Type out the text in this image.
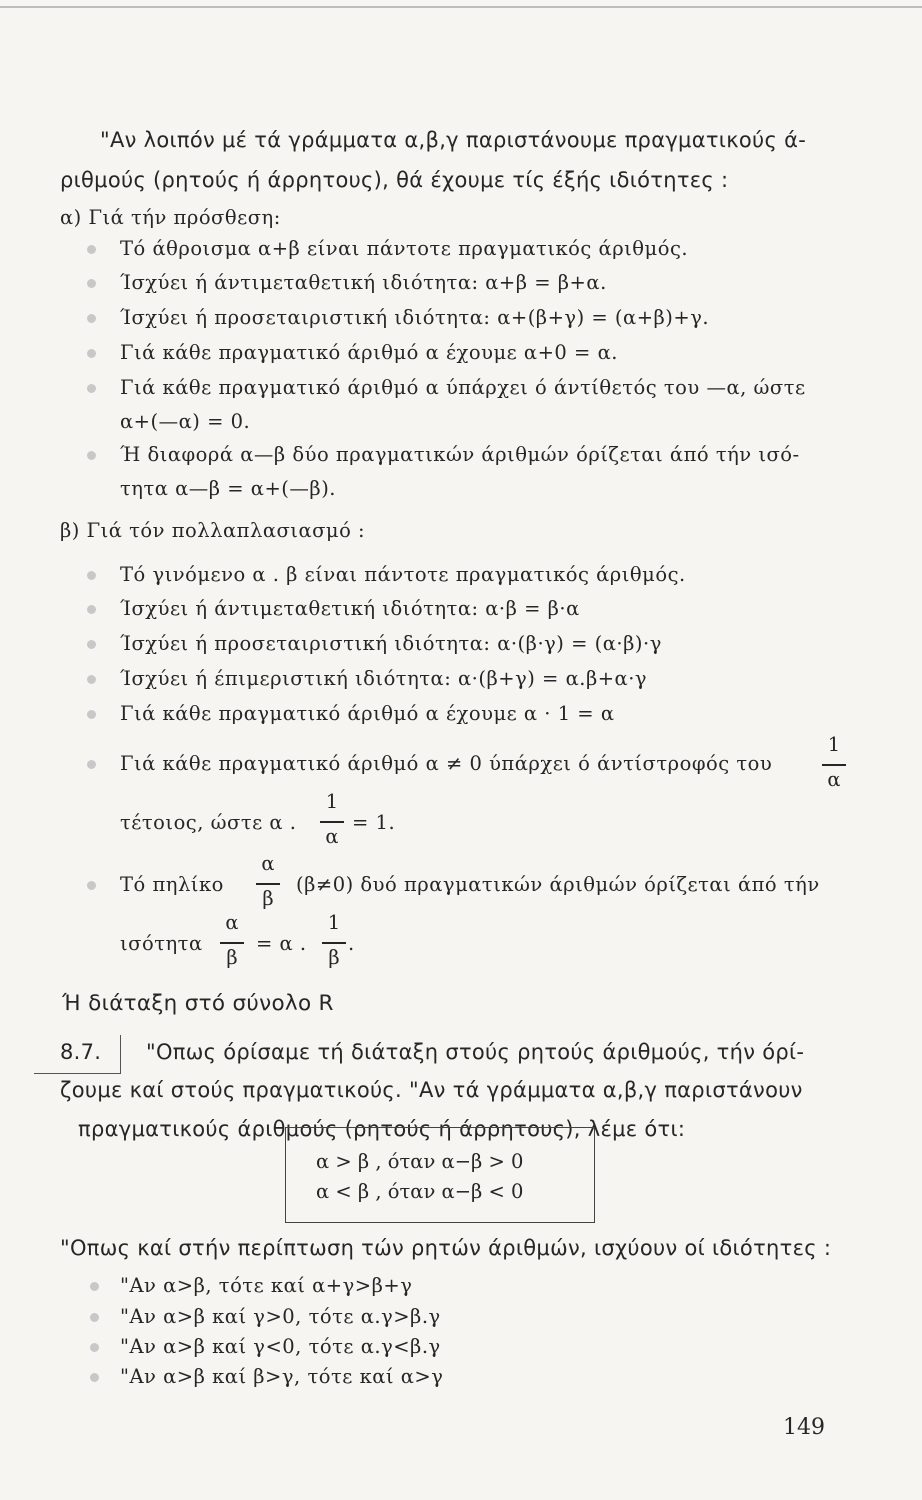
"Αν λοιπόν μέ τά γράμματα α,β,γ παριστάνουμε πραγματικούς ά-
ριθμούς (ρητούς ή άρρητους), θά έχουμε τίς έξής ιδιότητες :
α) Γιά τήν πρόσθεση:
Τό άθροισμα α+β είναι πάντοτε πραγματικός άριθμός.
Ίσχύει ή άντιμεταθετική ιδιότητα: α+β = β+α.
Ίσχύει ή προσεταιριστική ιδιότητα: α+(β+γ) = (α+β)+γ.
Γιά κάθε πραγματικό άριθμό α έχουμε α+0 = α.
Γιά κάθε πραγματικό άριθμό α ύπάρχει ό άντίθετός του —α, ώστε
α+(—α) = 0.
Ή διαφορά α—β δύο πραγματικών άριθμών όρίζεται άπό τήν ισό-
τητα α—β = α+(—β).
β) Γιά τόν πολλαπλασιασμό :
Τό γινόμενο α . β είναι πάντοτε πραγματικός άριθμός.
Ίσχύει ή άντιμεταθετική ιδιότητα: α·β = β·α
Ίσχύει ή προσεταιριστική ιδιότητα: α·(β·γ) = (α·β)·γ
Ίσχύει ή έπιμεριστική ιδιότητα: α·(β+γ) = α.β+α·γ
Γιά κάθε πραγματικό άριθμό α έχουμε α · 1 = α
Γιά κάθε πραγματικό άριθμό α ≠ 0 ύπάρχει ό άντίστροφός του
1
α
τέτοιος, ώστε α .
1
α
= 1.
Τό πηλίκο
α
β
(β≠0) δυό πραγματικών άριθμών όρίζεται άπό τήν
ισότητα
α
β
= α .
1
β
.
Ή διάταξη στό σύνολο R
8.7. "Οπως όρίσαμε τή διάταξη στούς ρητούς άριθμούς, τήν όρί-
ζουμε καί στούς πραγματικούς. "Αν τά γράμματα α,β,γ παριστάνουν
πραγματικούς άριθμούς (ρητούς ή άρρητους), λέμε ότι:
α > β , όταν α−β > 0
α < β , όταν α−β < 0
"Οπως καί στήν περίπτωση τών ρητών άριθμών, ισχύουν οί ιδιότητες :
"Αν α>β, τότε καί α+γ>β+γ
"Αν α>β καί γ>0, τότε α.γ>β.γ
"Αν α>β καί γ<0, τότε α.γ<β.γ
"Αν α>β καί β>γ, τότε καί α>γ
149
